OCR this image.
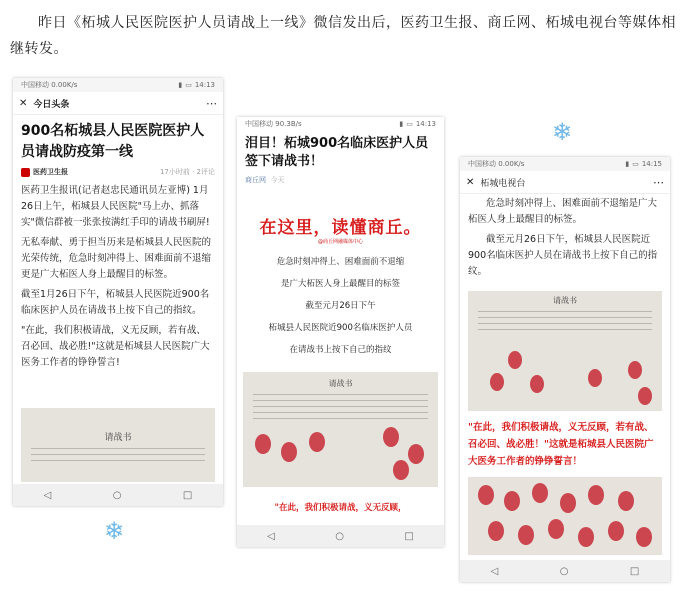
昨日《柘城人民医院医护人员请战上一线》微信发出后，医药卫生报、商丘网、柘城电视台等媒体相继转发。
中国移动 0.00K/s	▮ ▭ 14:13
✕ 今日头条	⋯
900名柘城县人民医院医护人员请战防疫第一线
医药卫生报	17小时前 · 2评论
医药卫生报讯(记者赵忠民通讯员左亚博) 1月26日上午，柘城县人民医院"马上办、抓落实"微信群被一张张按满红手印的请战书刷屏!
无私奉献、勇于担当历来是柘城县人民医院的光荣传统，危急时刻冲得上、困难面前不退缩更是广大柘医人身上最醒目的标签。
截至1月26日下午，柘城县人民医院近900名临床医护人员在请战书上按下自己的指纹。
"在此，我们积极请战，义无反顾，若有战、召必回、战必胜!"这就是柘城县人民医院广大医务工作者的铮铮誓言!
请战书
◁	○	□
中国移动 90.3B/s	▮ ▭ 14:13
泪目！柘城900名临床医护人员签下请战书！
商丘网
今天
在这里，读懂商丘。
@商丘网融媒体中心
危急时刻冲得上、困难面前不退缩
是广大柘医人身上最醒目的标签
截至元月26日下午
柘城县人民医院近900名临床医护人员
在请战书上按下自己的指纹
请战书
"在此，我们积极请战，义无反顾，
◁	○	□
中国移动 0.00K/s	▮ ▭ 14:15
✕ 柘城电视台	⋯
危急时刻冲得上、困难面前不退缩是广大柘医人身上最醒目的标签。
截至元月26日下午，柘城县人民医院近900名临床医护人员在请战书上按下自己的指纹。
请战书
"在此，我们积极请战，义无反顾，若有战、召必回、战必胜！"这就是柘城县人民医院广大医务工作者的铮铮誓言！
◁	○	□
❄
❄
